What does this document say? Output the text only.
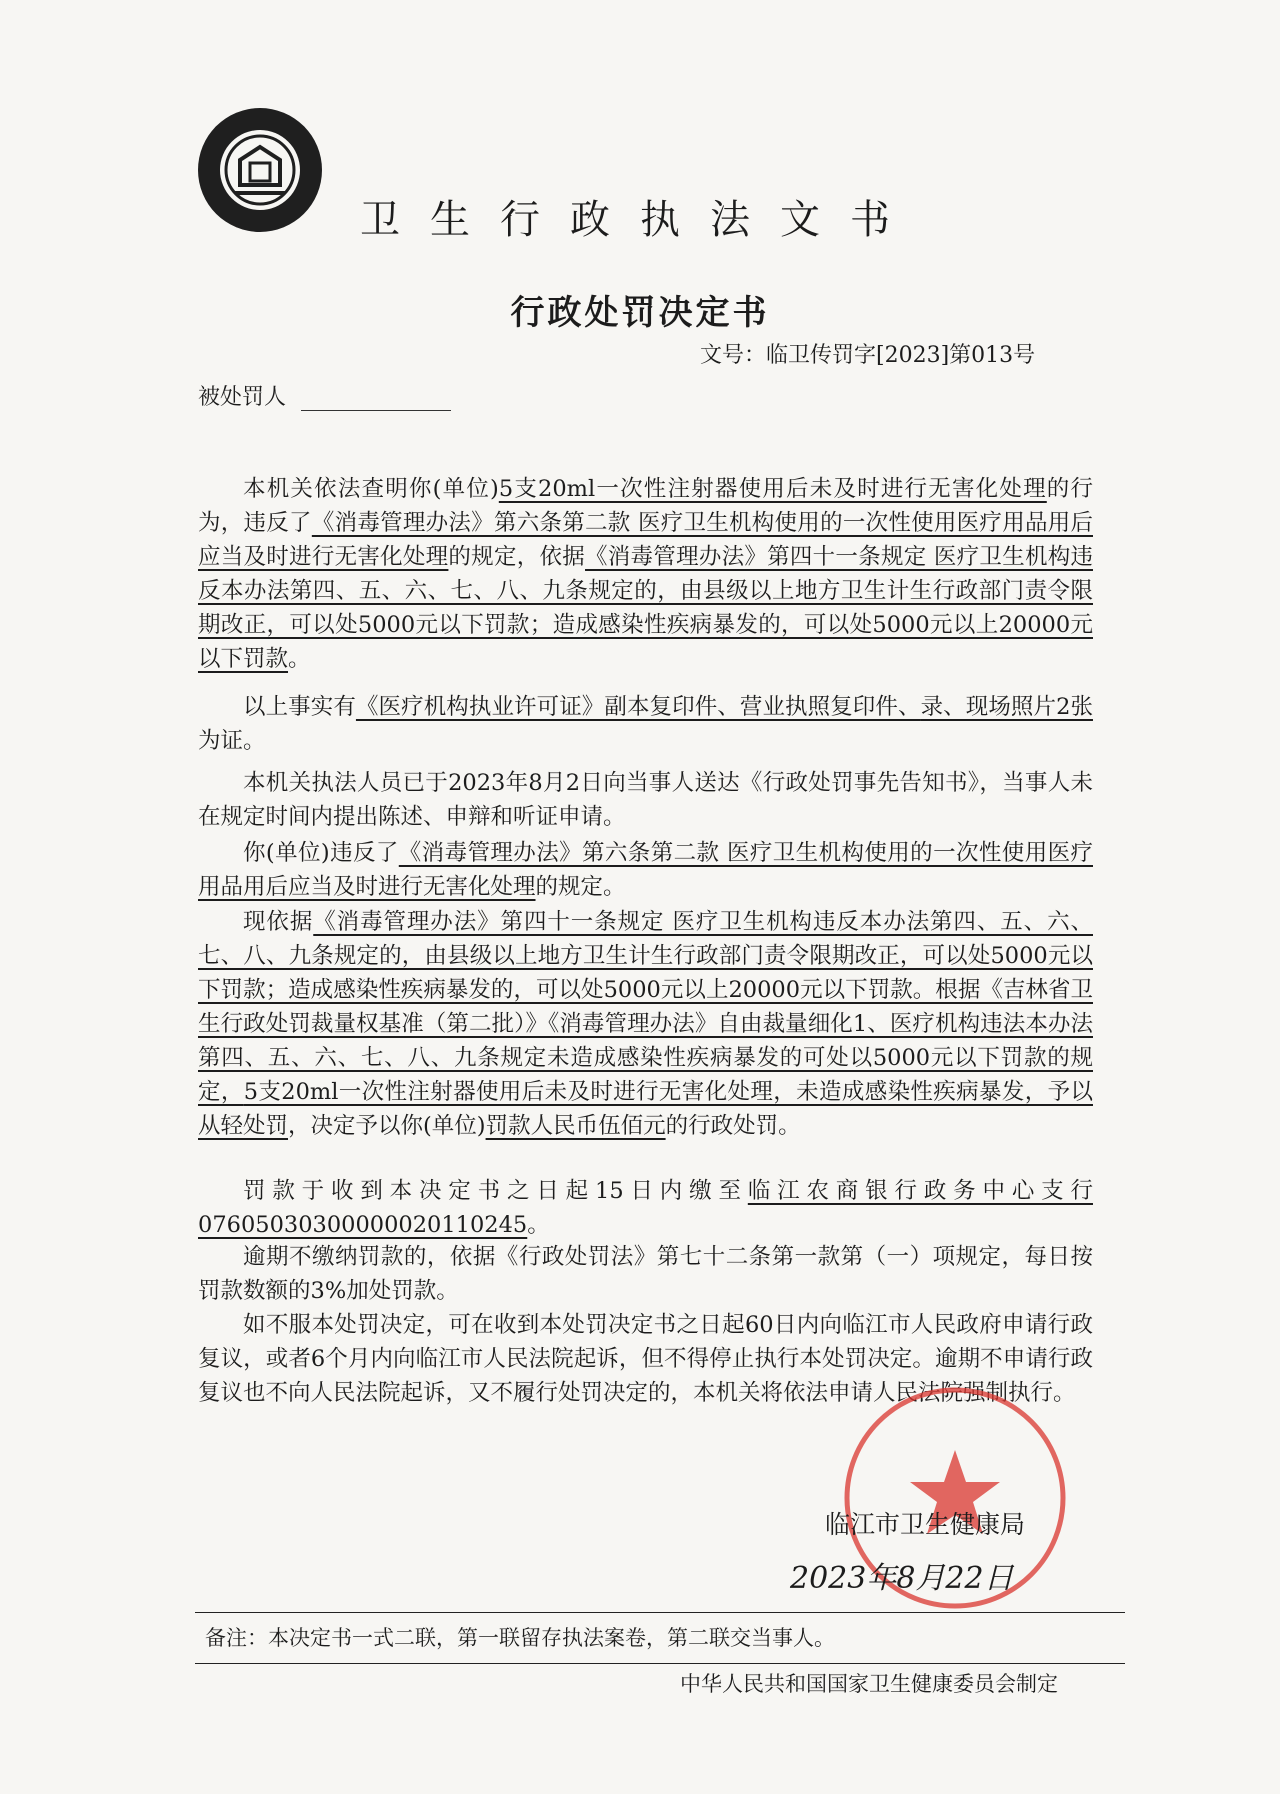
卫生行政执法文书
行政处罚决定书
文号：临卫传罚字[2023]第013号
被处罚人
本机关依法查明你(单位)5支20ml一次性注射器使用后未及时进行无害化处理的行为，违反了《消毒管理办法》第六条第二款 医疗卫生机构使用的一次性使用医疗用品用后应当及时进行无害化处理的规定，依据《消毒管理办法》第四十一条规定 医疗卫生机构违反本办法第四、五、六、七、八、九条规定的，由县级以上地方卫生计生行政部门责令限期改正，可以处5000元以下罚款；造成感染性疾病暴发的，可以处5000元以上20000元以下罚款。
以上事实有《医疗机构执业许可证》副本复印件、营业执照复印件、录、现场照片2张为证。
本机关执法人员已于2023年8月2日向当事人送达《行政处罚事先告知书》，当事人未在规定时间内提出陈述、申辩和听证申请。
你(单位)违反了《消毒管理办法》第六条第二款 医疗卫生机构使用的一次性使用医疗用品用后应当及时进行无害化处理的规定。
现依据《消毒管理办法》第四十一条规定 医疗卫生机构违反本办法第四、五、六、七、八、九条规定的，由县级以上地方卫生计生行政部门责令限期改正，可以处5000元以下罚款；造成感染性疾病暴发的，可以处5000元以上20000元以下罚款。根据《吉林省卫生行政处罚裁量权基准（第二批）》《消毒管理办法》自由裁量细化1、医疗机构违法本办法第四、五、六、七、八、九条规定未造成感染性疾病暴发的可处以5000元以下罚款的规定，5支20ml一次性注射器使用后未及时进行无害化处理，未造成感染性疾病暴发，予以从轻处罚，决定予以你(单位)罚款人民币伍佰元的行政处罚。
罚款于收到本决定书之日起15日内缴至临江农商银行政务中心支行07605030300000020110245。
逾期不缴纳罚款的，依据《行政处罚法》第七十二条第一款第（一）项规定，每日按罚款数额的3%加处罚款。
如不服本处罚决定，可在收到本处罚决定书之日起60日内向临江市人民政府申请行政复议，或者6个月内向临江市人民法院起诉，但不得停止执行本处罚决定。逾期不申请行政复议也不向人民法院起诉，又不履行处罚决定的，本机关将依法申请人民法院强制执行。
临江市卫生健康局
2023年8月22日
备注：本决定书一式二联，第一联留存执法案卷，第二联交当事人。
中华人民共和国国家卫生健康委员会制定
